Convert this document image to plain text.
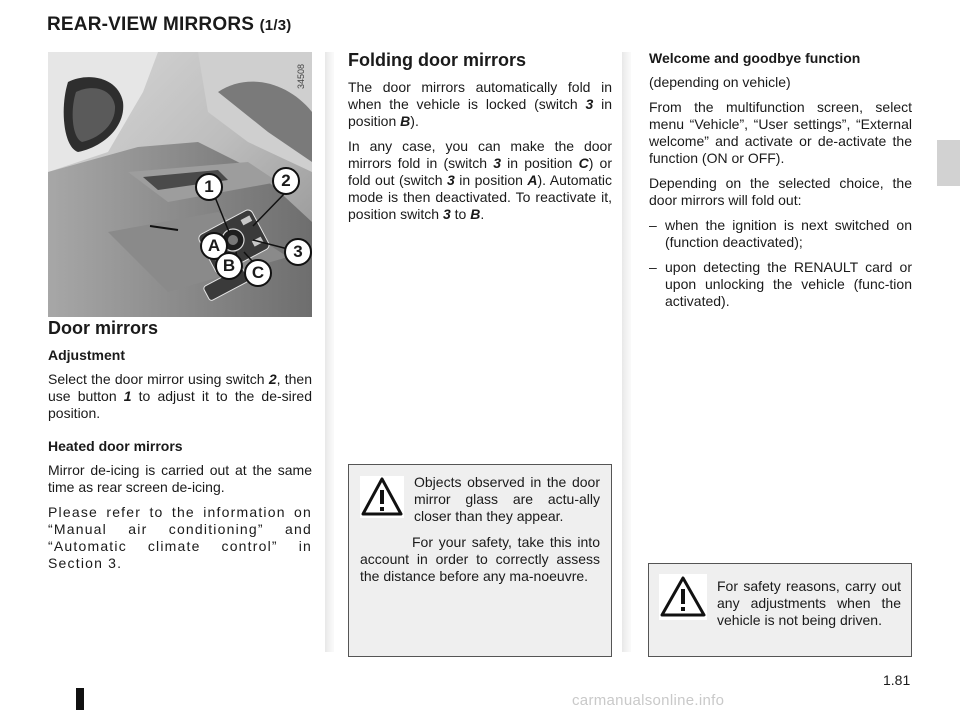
REAR-VIEW MIRRORS (1/3)
1	2
3
A
B C
34508
Door mirrors
Adjustment

Select the door mirror using switch 2, then use button 1 to adjust it to the de-sired position.

Heated door mirrors

Mirror de-icing is carried out at the same time as rear screen de-icing.

Please refer to the information on “Manual air conditioning” and “Automatic climate control” in Section 3.

Folding door mirrors

The door mirrors automatically fold in when the vehicle is locked (switch 3 in position B).

In any case, you can make the door mirrors fold in (switch 3 in position C) or fold out (switch 3 in position A). Automatic mode is then deactivated. To reactivate it, position switch 3 to B.

Welcome and goodbye function

(depending on vehicle)

From the multifunction screen, select menu “Vehicle”, “User settings”, “External welcome” and activate or de-activate the function (ON or OFF).

Depending on the selected choice, the door mirrors will fold out:

– when the ignition is next switched on (function deactivated);
– upon detecting the RENAULT card or upon unlocking the vehicle (func-tion activated).

Objects observed in the door mirror glass are actu-ally closer than they appear.

For your safety, take this into account in order to correctly assess the distance before any ma-noeuvre.

For safety reasons, carry out any adjustments when the vehicle is not being driven.

1.81
carmanualsonline.info
